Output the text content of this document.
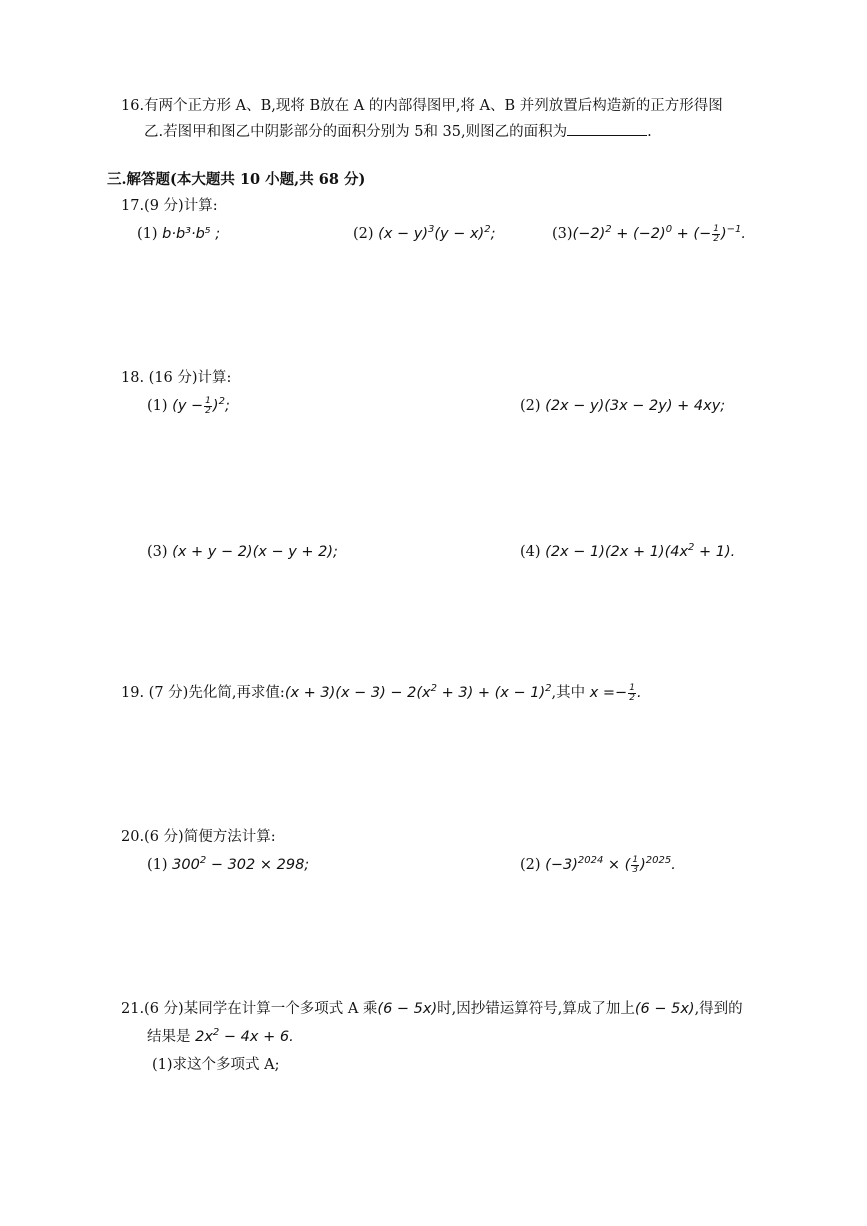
16.有两个正方形 A、B,现将 B放在 A 的内部得图甲,将 A、B 并列放置后构造新的正方形得图
乙.若图甲和图乙中阴影部分的面积分别为 5和 35,则图乙的面积为	.
三.解答题(本大题共 10 小题,共 68 分)
17.(9 分)计算:
(1) b·b³·b⁵ ;	(2) $(x - y)^3(y - x)^2$;	$(3)(-2)^2 + (-2)^0$ + (− $\frac{1}{2} )^{-1}$.
18. (16 分)计算:
(1) $(y - \frac{1}{2} )^2$;	(2) (2x − y)(3x − 2y) + 4xy;
(3) (x + y − 2)(x − y + 2);	(4) $(2x - 1)(2x + 1)(4x^2 + 1)$.
19. (7 分)先化简,再求值:(x + $3)(x - 3) - 2(x^2 + 3) + (x - 1)^2$,其中 $x =- \frac{1}{2}$ .
20.(6 分)简便方法计算:
(1) $300^2 - 302 \times 298$;	(2) $(-3)^{2024}$ × ( $\frac{1}{3} )^{2025}$.
21.(6 分)某同学在计算一个多项式 A 乘(6 − 5x)时,因抄错运算符号,算成了加上(6 − 5x),得到的
结果是 $2x^2 - 4x + 6$.
(1)求这个多项式 A;
